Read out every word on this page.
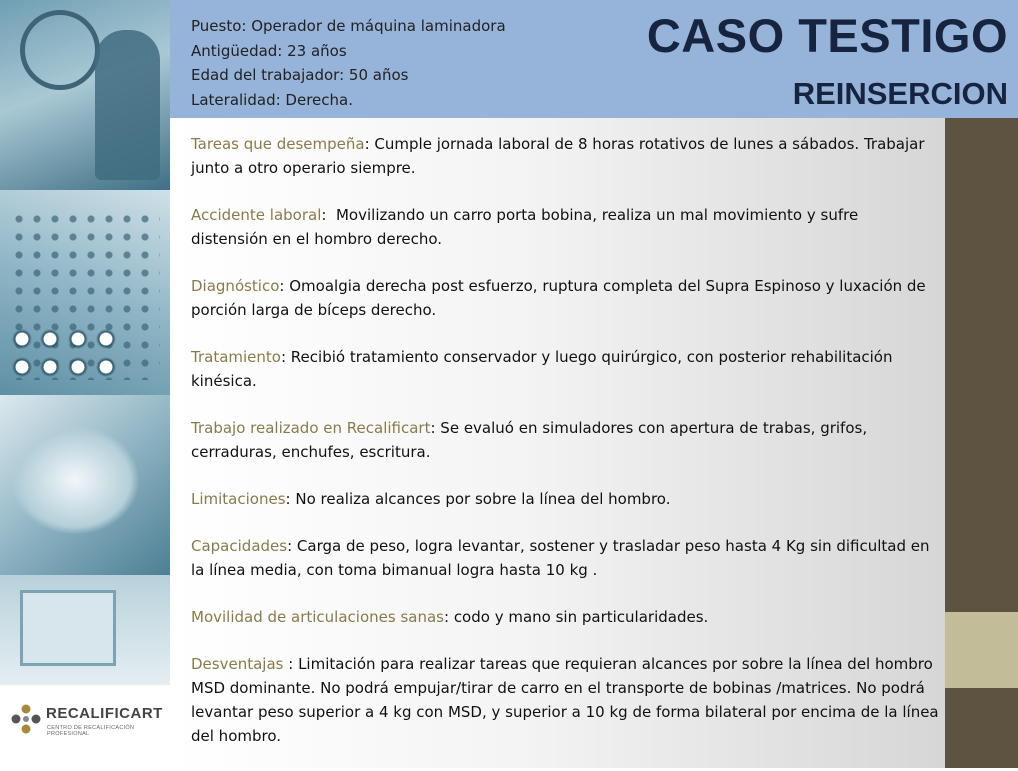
RECALIFICART
CENTRO DE RECALIFICACIÓN PROFESIONAL
Puesto: Operador de máquina laminadora
Antigüedad: 23 años
Edad del trabajador: 50 años
Lateralidad: Derecha.
CASO TESTIGO
REINSERCION

Tareas que desempeña: Cumple jornada laboral de 8 horas rotativos de lunes a sábados. Trabajar junto a otro operario siempre.

Accidente laboral:  Movilizando un carro porta bobina, realiza un mal movimiento y sufre distensión en el hombro derecho.

Diagnóstico: Omoalgia derecha post esfuerzo, ruptura completa del Supra Espinoso y luxación de porción larga de bíceps derecho.

Tratamiento: Recibió tratamiento conservador y luego quirúrgico, con posterior rehabilitación kinésica.

Trabajo realizado en Recalificart: Se evaluó en simuladores con apertura de trabas, grifos, cerraduras, enchufes, escritura.

Limitaciones: No realiza alcances por sobre la línea del hombro.

Capacidades: Carga de peso, logra levantar, sostener y trasladar peso hasta 4 Kg sin dificultad en la línea media, con toma bimanual logra hasta 10 kg .

Movilidad de articulaciones sanas: codo y mano sin particularidades.

Desventajas : Limitación para realizar tareas que requieran alcances por sobre la línea del hombro MSD dominante. No podrá empujar/tirar de carro en el transporte de bobinas /matrices. No podrá levantar peso superior a 4 kg con MSD, y superior a 10 kg de forma bilateral por encima de la línea del hombro.
